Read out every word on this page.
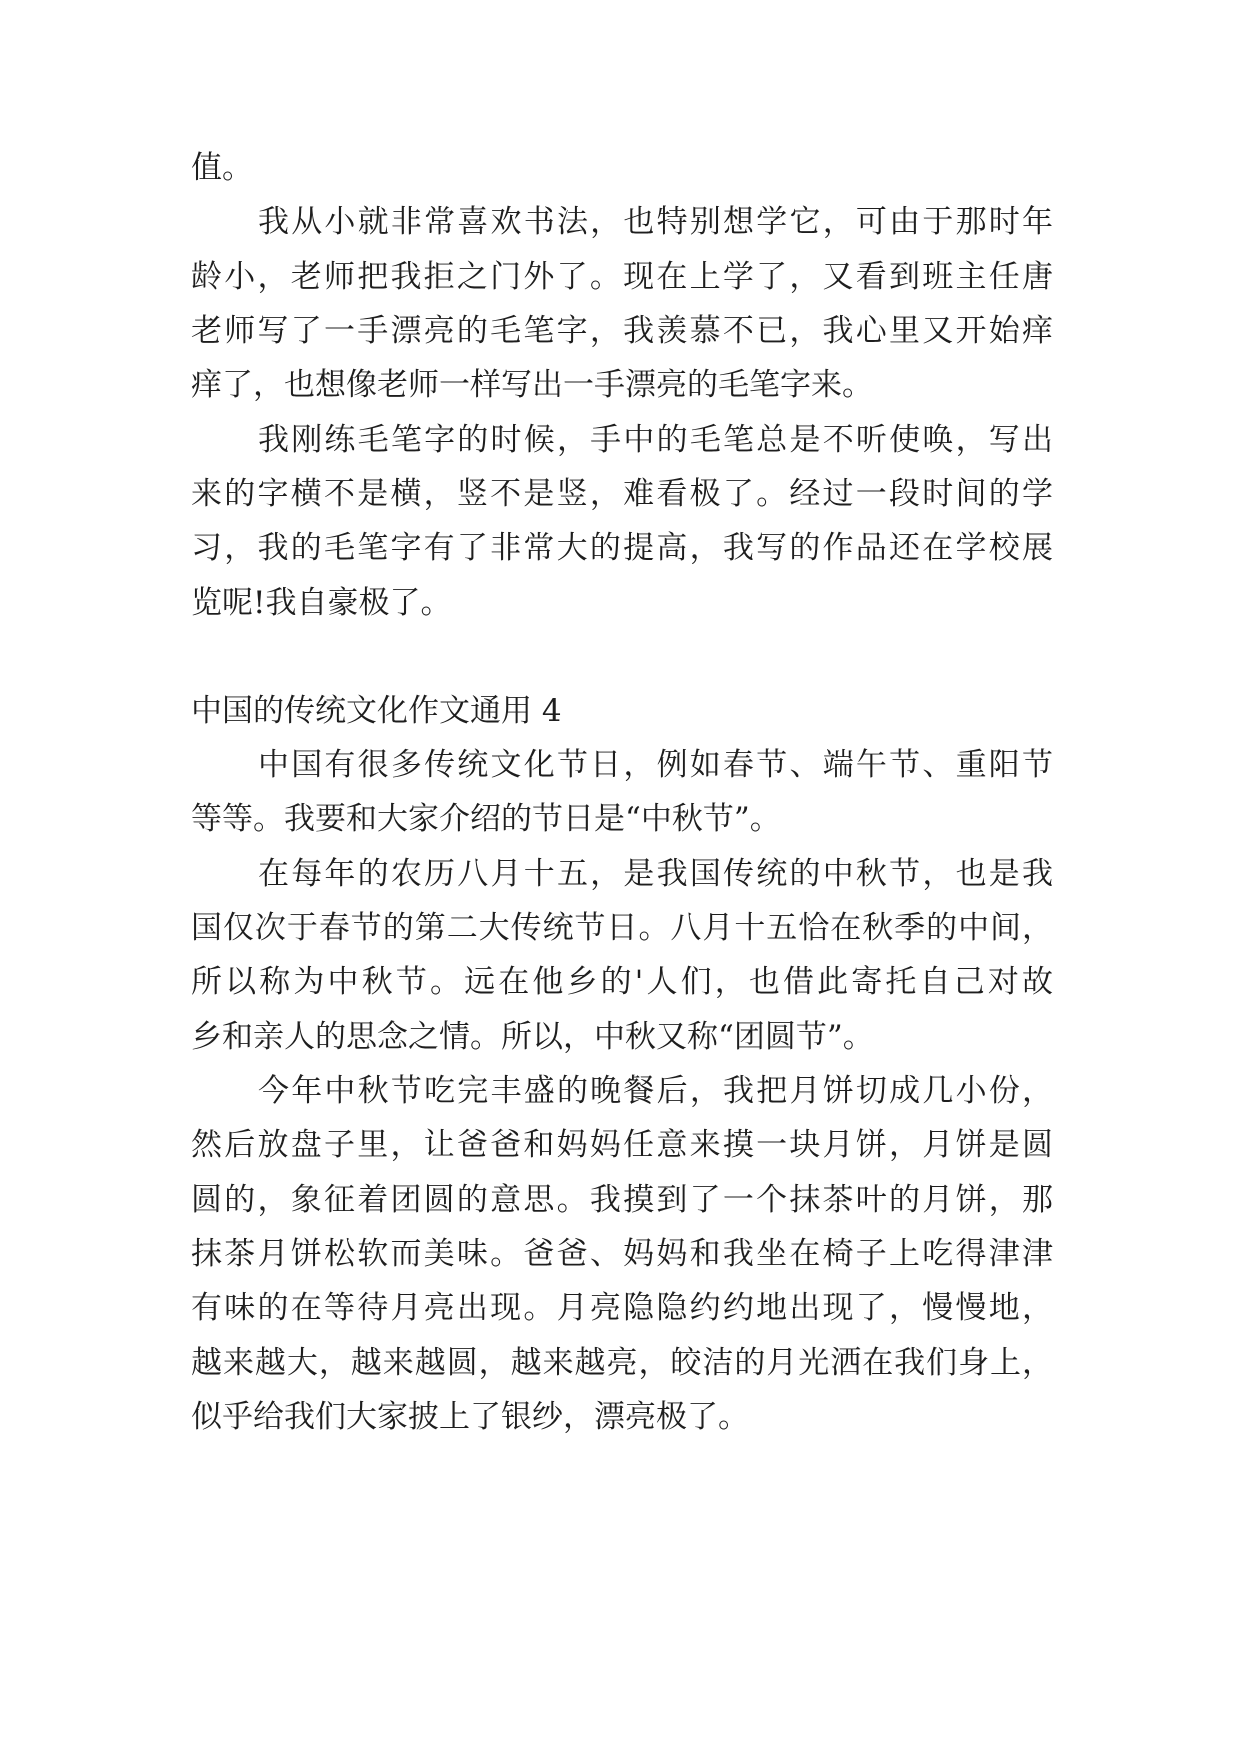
值。
我从小就非常喜欢书法，也特别想学它，可由于那时年
龄小，老师把我拒之门外了。现在上学了，又看到班主任唐
老师写了一手漂亮的毛笔字，我羡慕不已，我心里又开始痒
痒了，也想像老师一样写出一手漂亮的毛笔字来。
我刚练毛笔字的时候，手中的毛笔总是不听使唤，写出
来的字横不是横，竖不是竖，难看极了。经过一段时间的学
习，我的毛笔字有了非常大的提高，我写的作品还在学校展
览呢!我自豪极了。
中国的传统文化作文通用 4
中国有很多传统文化节日，例如春节、端午节、重阳节
等等。我要和大家介绍的节日是“中秋节”。
在每年的农历八月十五，是我国传统的中秋节，也是我
国仅次于春节的第二大传统节日。八月十五恰在秋季的中间，
所以称为中秋节。远在他乡的'人们，也借此寄托自己对故
乡和亲人的思念之情。所以，中秋又称“团圆节”。
今年中秋节吃完丰盛的晚餐后，我把月饼切成几小份，
然后放盘子里，让爸爸和妈妈任意来摸一块月饼，月饼是圆
圆的，象征着团圆的意思。我摸到了一个抹茶叶的月饼，那
抹茶月饼松软而美味。爸爸、妈妈和我坐在椅子上吃得津津
有味的在等待月亮出现。月亮隐隐约约地出现了，慢慢地，
越来越大，越来越圆，越来越亮，皎洁的月光洒在我们身上，
似乎给我们大家披上了银纱，漂亮极了。
